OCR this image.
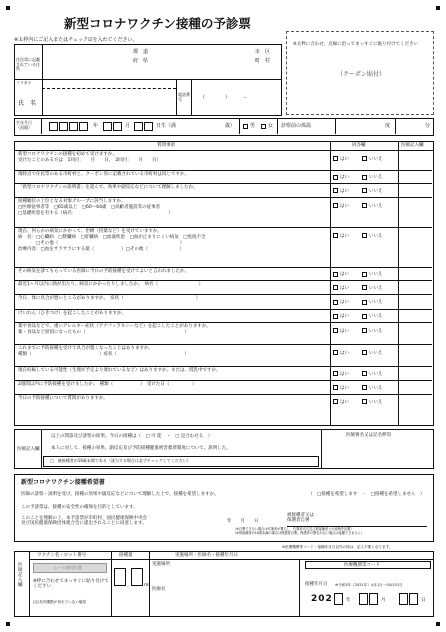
新型コロナワクチン接種の予診票
※太枠内にご記入またはチェック☑を入れてください。
※太枠に合わせ、点線に沿ってまっすぐに貼り付けてください
（クーポン貼付）
住民票に記載されている住所
都　道
府　県
市　区
町　村
フリガナ
氏　名
電話番号	（　　　　）　　　－
生年月日（西暦）	年	月	日生（満	歳）	男	女 診察前の体温	度	分
質問事項	回答欄	医師記入欄
新型コロナワクチンの接種を初めて受けますか。
受けたことのある方は　1回目：　　月　　日、　2回目：　　月　　日）	はい	いいえ
現時点で住民票のある市町村と、クーポン券に記載されている市町村は同じですか。
はい	いいえ
「新型コロナワクチンの説明書」を読んで、効果や副反応などについて理解しましたか。
はい	いいえ
接種順位の上位となる対象グループに該当しますか。
□医療従事者等　□65歳以上　□60〜64歳　□高齢者施設等の従事者
□基礎疾患を有する（病名：　　　　　　　　　　　　　　　　　　　　　）
はい	いいえ
現在、何らかの病気にかかって、治療（投薬など）を受けていますか。
病　名：□心臓病　□腎臓病　□肝臓病　□血液疾患　□血が止まりにくい病気　□免疫不全
　　　　□その他（　　　　　　　　　　　　　　　　　　　　　　　　　　　）
治療内容：□血をサラサラにする薬（　　　　　　）□その他（　　　　　　　）
はい	いいえ
その病気を診てもらっている医師に今日の予防接種を受けてよいと言われましたか。
はい	いいえ
最近1ヶ月以内に熱が出たり、病気にかかったりしましたか。　病名（　　　　　　　　　）
はい	いいえ
今日、体に具合が悪いところがありますか。　症状（　　　　　　　　　　　　　　　　）
はい	いいえ
けいれん（ひきつけ）を起こしたことがありますか。
はい	いいえ
薬や食品などで、重いアレルギー症状（アナフィラキシーなど）を起こしたことがありますか。
薬・食品など原因になったもの（　　　　　　　　　　　　　　　　　　　　　　）	はい	いいえ
これまでに予防接種を受けて具合が悪くなったことはありますか。
種類（　　　　　　　　　　　　　　　）症状（　　　　　　　　　　　　　　　）	はい	いいえ
現在妊娠している可能性（生理が予定より遅れているなど）はありますか。または、授乳中ですか。
はい	いいえ
2週間以内に予防接種を受けましたか。　種類（　　　　　　）　受けた日（　　　　　）
はい	いいえ
今日の予防接種について質問がありますか。
はい	いいえ
医師記入欄
以上の問診及び診察の結果、今日の接種は（　□ 可 能　・　□ 見合わせる　）
本人に対して、接種の効果、副反応及び予防接種健康被害救済制度について、説明した。
□　被接種者が16歳未満である（該当する場合は必ずチェックしてください）
医師署名又は記名押印
新型コロナワクチン接種希望書
医師の診察・説明を受け、接種の効果や副反応などについて理解した上で、接種を希望しますか。	（　□接種を希望します　・　□接種を希望しません　）
この予診票は、接種の安全性の確保を目的としています。
このことを理解の上、本予診票が市町村、国民健康保険中央会
及び国民健康保険団体連合会に提出されることに同意します。	年　　月　　日
被接種者又は
保護者自署
（※自署できない場合は代筆者が署名し、代筆者氏名及び被接種者との続柄を記載）
（※被接種者が16歳未満の場合は保護者自署。保護者の署名がない場合は接種できません）
※医療機関等コード・接種年月日以外の枠は、記入不要となります。
医師記入欄
ワクチン名・ロット番号	接種量	実施場所・医師名・接種年月日
シール貼付位置
※枠に合わせてまっすぐに貼り付けてください
(注)有効期限が切れていない確認
.	ml
実施場所
医師名
医療機関等コード
接種年月日 ※令和3年（2021年）4月1日〜04月01日
202	年	月	日
